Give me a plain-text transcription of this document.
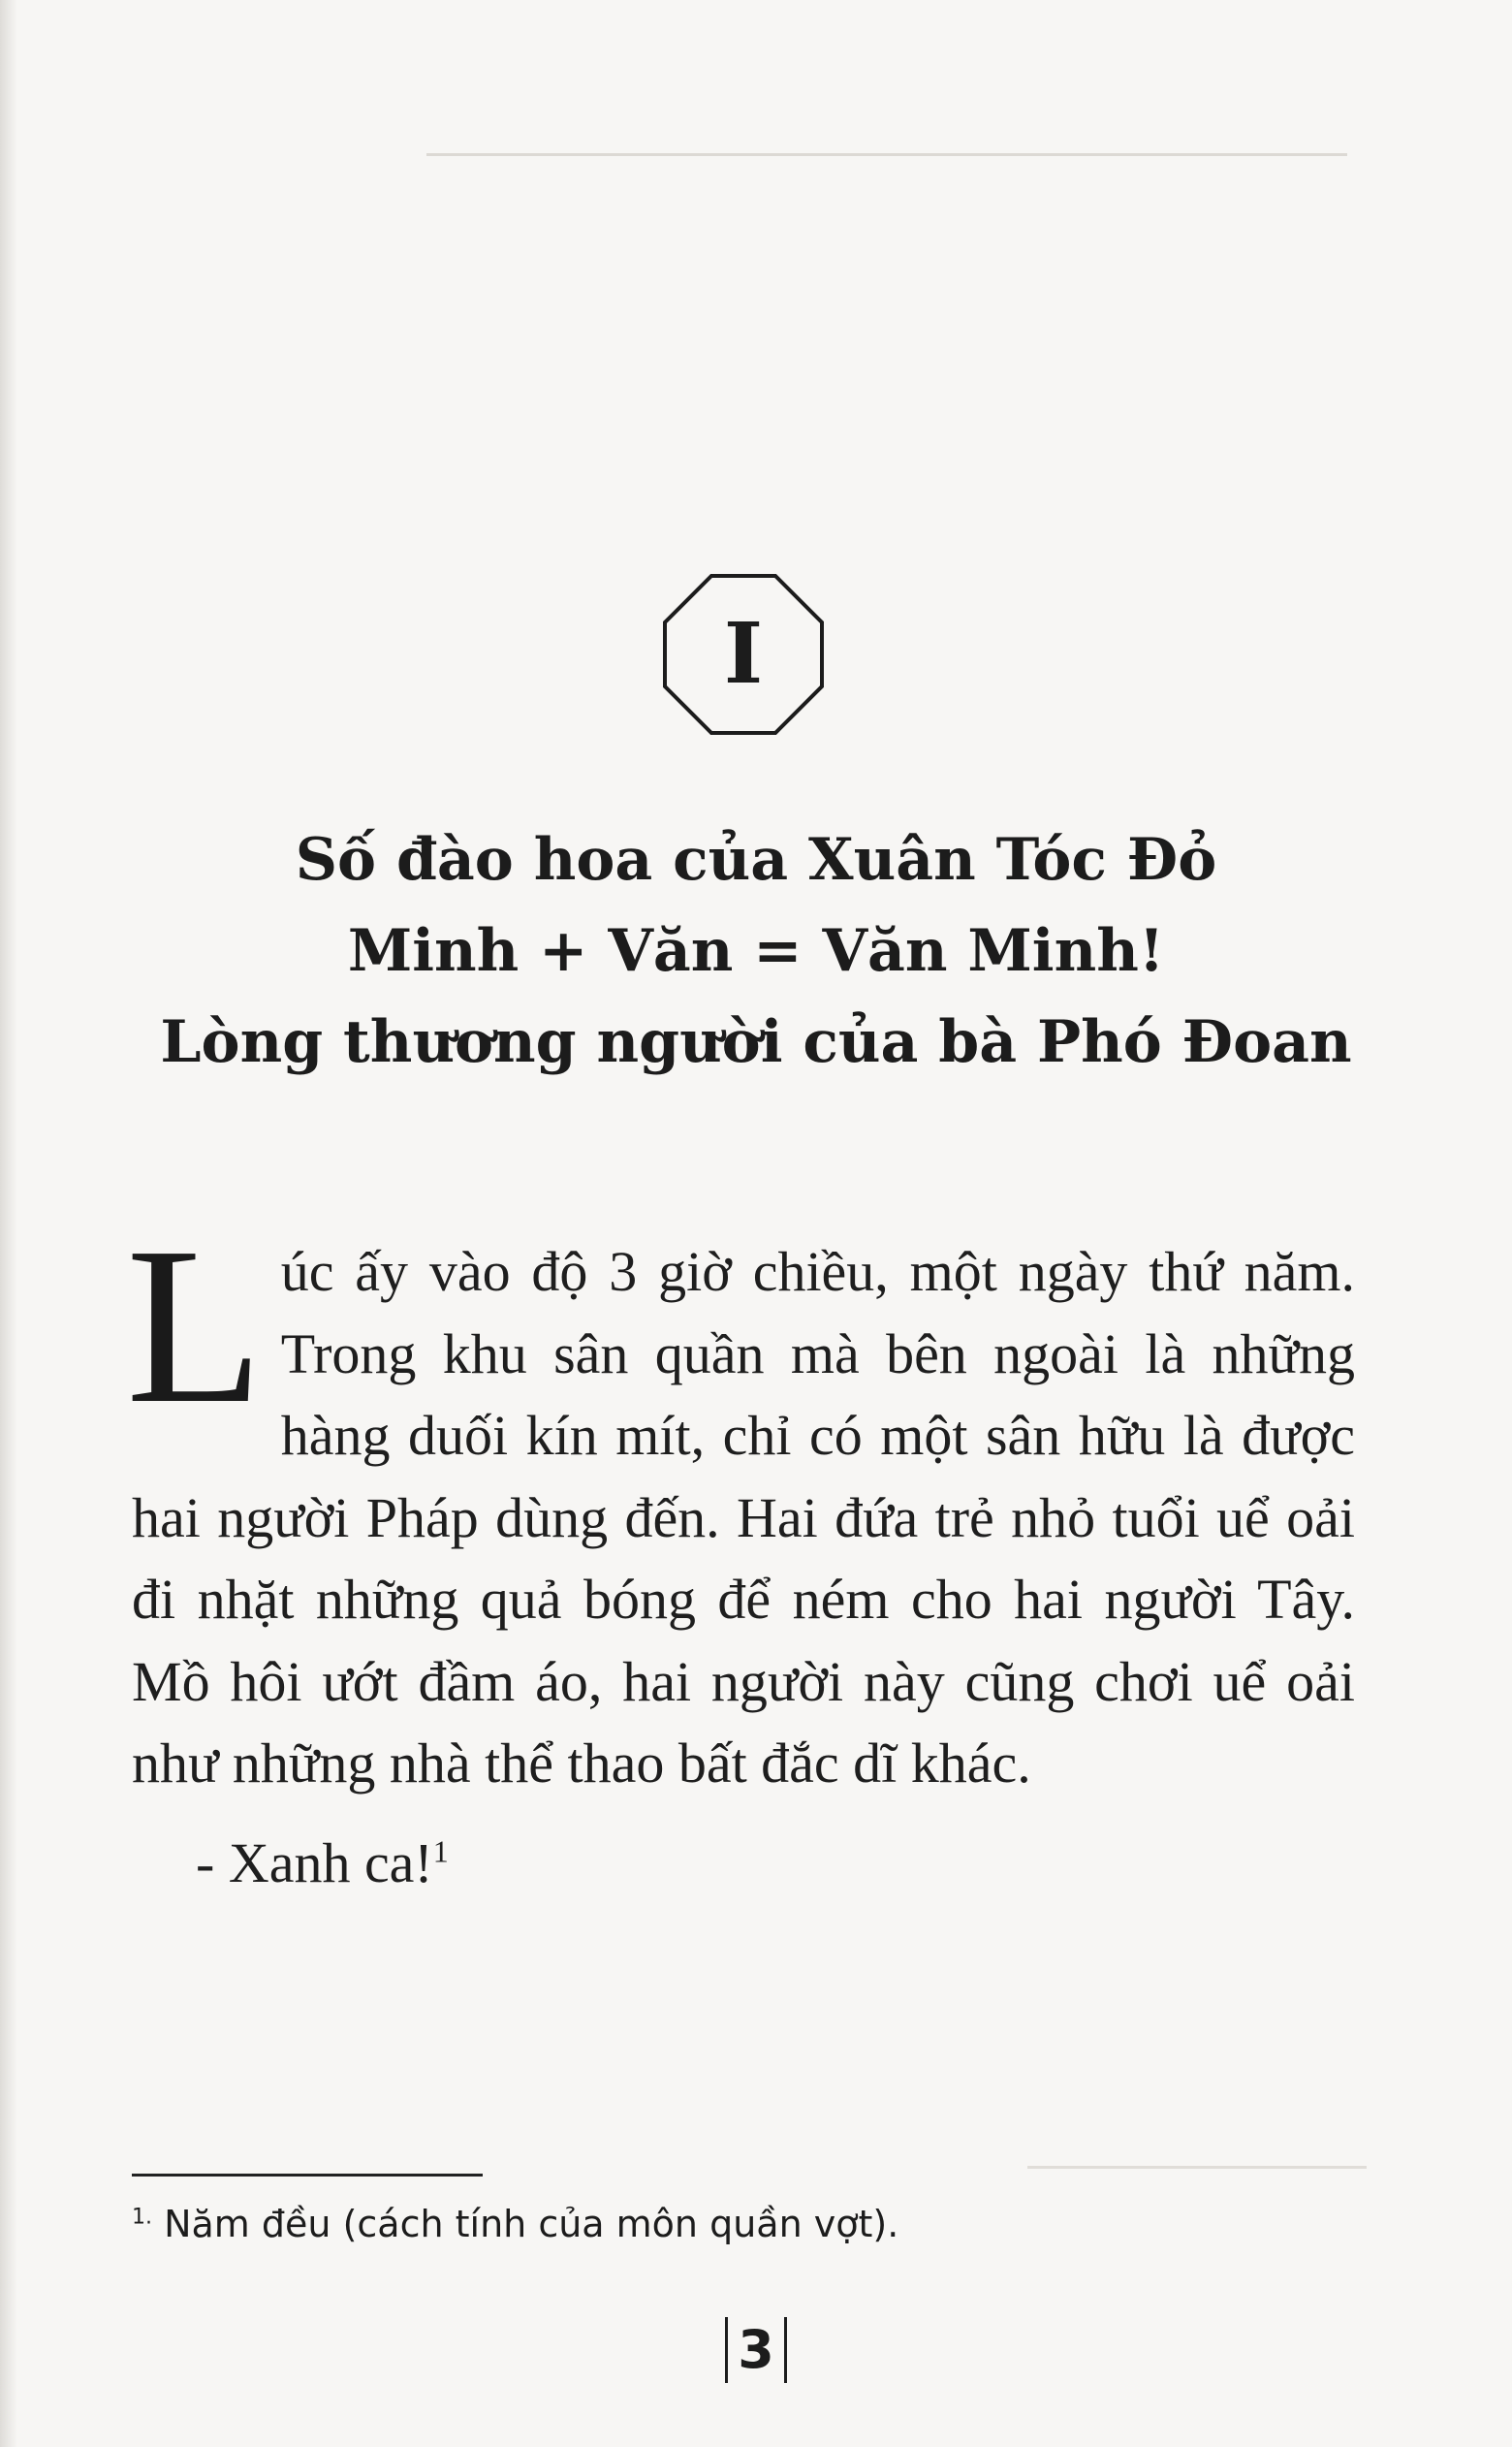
I
Số đào hoa của Xuân Tóc Đỏ
Minh + Văn = Văn Minh!
Lòng thương người của bà Phó Đoan

Lúc ấy vào độ 3 giờ chiều, một ngày thứ năm. Trong khu sân quần mà bên ngoài là những hàng duối kín mít, chỉ có một sân hữu là được hai người Pháp dùng đến. Hai đứa trẻ nhỏ tuổi uể oải đi nhặt những quả bóng để ném cho hai người Tây. Mồ hôi ướt đầm áo, hai người này cũng chơi uể oải như những nhà thể thao bất đắc dĩ khác.

- Xanh ca!$^1$

$^{1.}$ Năm đều (cách tính của môn quần vợt).
3
